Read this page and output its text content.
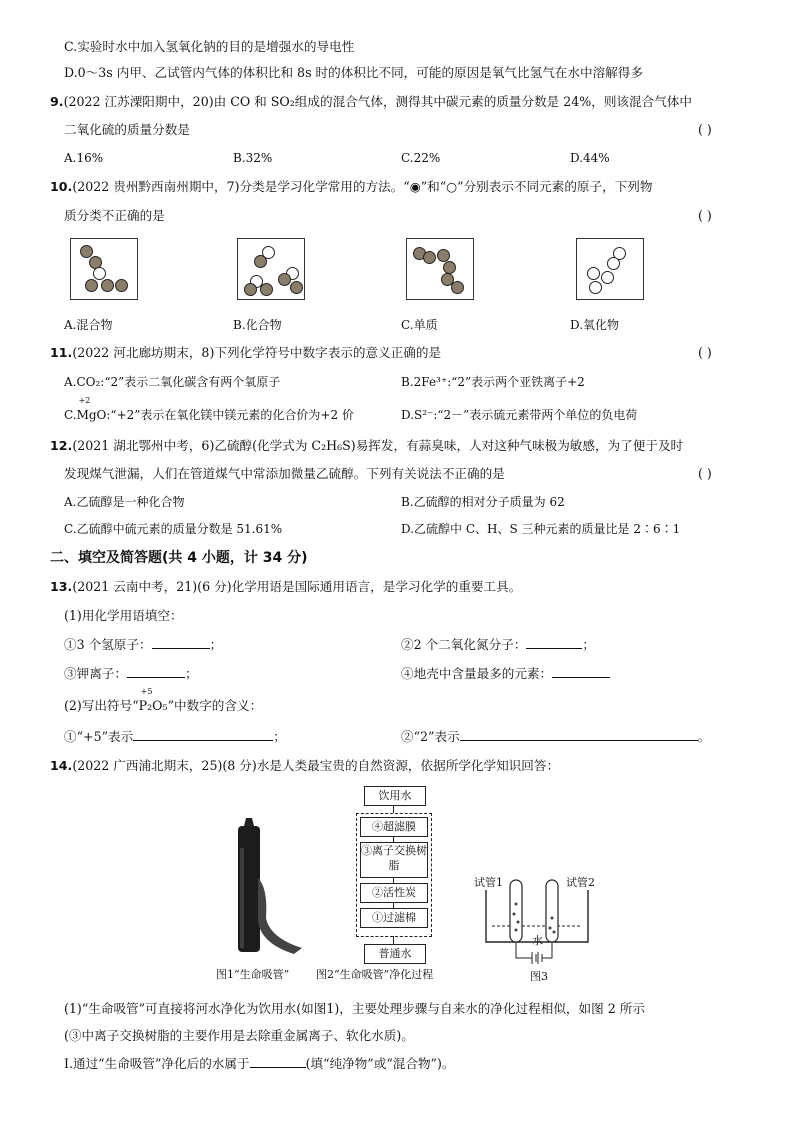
C.实验时水中加入氢氧化钠的目的是增强水的导电性
D.0～3s 内甲、乙试管内气体的体积比和 8s 时的体积比不同，可能的原因是氧气比氢气在水中溶解得多
9.(2022 江苏溧阳期中，20)由 CO 和 SO₂组成的混合气体，测得其中碳元素的质量分数是 24%，则该混合气体中
二氧化硫的质量分数是	( )
A.16%	B.32%	C.22%	D.44%
10.(2022 贵州黔西南州期中，7)分类是学习化学常用的方法。“◉”和“○”分别表示不同元素的原子，下列物
质分类不正确的是	( )
A.混合物	B.化合物	C.单质	D.氧化物
11.(2022 河北廊坊期末，8)下列化学符号中数字表示的意义正确的是	( )
A.CO₂:“2”表示二氧化碳含有两个氧原子	B.2Fe³⁺:“2”表示两个亚铁离子+2
C.
+2
MgO:“+2”表示在氧化镁中镁元素的化合价为+2 价	D.S²⁻:“2－”表示硫元素带两个单位的负电荷
12.(2021 湖北鄂州中考，6)乙硫醇(化学式为 C₂H₆S)易挥发，有蒜臭味，人对这种气味极为敏感，为了便于及时
发现煤气泄漏，人们在管道煤气中常添加微量乙硫醇。下列有关说法不正确的是	( )
A.乙硫醇是一种化合物	B.乙硫醇的相对分子质量为 62
C.乙硫醇中硫元素的质量分数是 51.61%	D.乙硫醇中 C、H、S 三种元素的质量比是 2∶6∶1
二、填空及简答题(共 4 小题，计 34 分)
13.(2021 云南中考，21)(6 分)化学用语是国际通用语言，是学习化学的重要工具。
(1)用化学用语填空：
①3 个氢原子：	；	②2 个二氧化氮分子：	；
③钾离子：	；	④地壳中含量最多的元素：
(2)写出符号“
+5
P₂O₅”中数字的含义：
①“+5”表示	；	②“2”表示	。
14.(2022 广西浦北期末，25)(8 分)水是人类最宝贵的自然资源，依据所学化学知识回答：
饮用水
④超滤膜
③离子交换树脂
②活性炭
①过滤棉
普通水
试管1	试管2
水
图1“生命吸管” 图2“生命吸管”净化过程	图3
(1)“生命吸管”可直接将河水净化为饮用水(如图1)，主要处理步骤与自来水的净化过程相似，如图 2 所示
(③中离子交换树脂的主要作用是去除重金属离子、软化水质)。
Ⅰ.通过“生命吸管”净化后的水属于	(填“纯净物”或“混合物”)。
